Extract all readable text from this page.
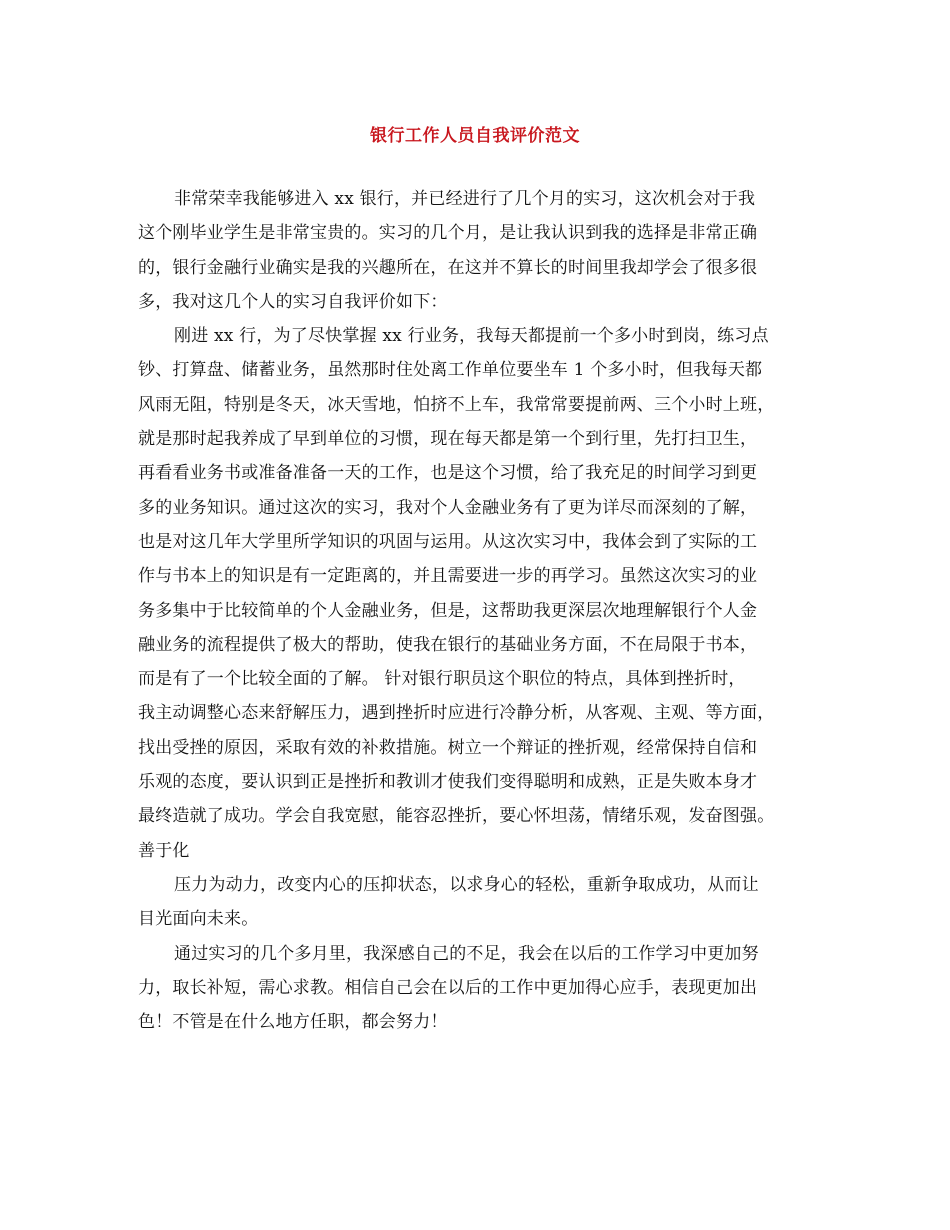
银行工作人员自我评价范文
非常荣幸我能够进入 xx 银行，并已经进行了几个月的实习，这次机会对于我
这个刚毕业学生是非常宝贵的。实习的几个月，是让我认识到我的选择是非常正确
的，银行金融行业确实是我的兴趣所在，在这并不算长的时间里我却学会了很多很
多，我对这几个人的实习自我评价如下：
刚进 xx 行，为了尽快掌握 xx 行业务，我每天都提前一个多小时到岗，练习点
钞、打算盘、储蓄业务，虽然那时住处离工作单位要坐车 1 个多小时，但我每天都
风雨无阻，特别是冬天，冰天雪地，怕挤不上车，我常常要提前两、三个小时上班，
就是那时起我养成了早到单位的习惯，现在每天都是第一个到行里，先打扫卫生，
再看看业务书或准备准备一天的工作，也是这个习惯，给了我充足的时间学习到更
多的业务知识。通过这次的实习，我对个人金融业务有了更为详尽而深刻的了解，
也是对这几年大学里所学知识的巩固与运用。从这次实习中，我体会到了实际的工
作与书本上的知识是有一定距离的，并且需要进一步的再学习。虽然这次实习的业
务多集中于比较简单的个人金融业务，但是，这帮助我更深层次地理解银行个人金
融业务的流程提供了极大的帮助，使我在银行的基础业务方面，不在局限于书本，
而是有了一个比较全面的了解。 针对银行职员这个职位的特点，具体到挫折时，
我主动调整心态来舒解压力，遇到挫折时应进行冷静分析，从客观、主观、等方面，
找出受挫的原因，采取有效的补救措施。树立一个辩证的挫折观，经常保持自信和
乐观的态度，要认识到正是挫折和教训才使我们变得聪明和成熟，正是失败本身才
最终造就了成功。学会自我宽慰，能容忍挫折，要心怀坦荡，情绪乐观，发奋图强。
善于化
压力为动力，改变内心的压抑状态，以求身心的轻松，重新争取成功，从而让
目光面向未来。
通过实习的几个多月里，我深感自己的不足，我会在以后的工作学习中更加努
力，取长补短，需心求教。相信自己会在以后的工作中更加得心应手，表现更加出
色！不管是在什么地方任职，都会努力！
